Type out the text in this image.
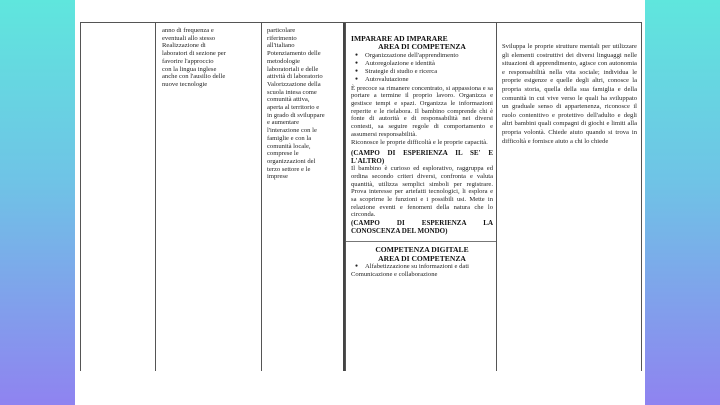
anno di frequenza e

eventuali allo stesso

Realizzazione di

laboratori di sezione per

favorire l'approccio

con la lingua inglese

anche con l'ausilio delle

nuove tecnologie

particolare

riferimento

all'italiano

Potenziamento delle

metodologie

laboratoriali e delle

attività di laboratorio

Valorizzazione della

scuola intesa come

comunità attiva,

aperta al territorio e

in grado di sviluppare

e aumentare

l'interazione con le

famiglie e con la

comunità locale,

comprese le

organizzazioni del

terzo settore e le

imprese

IMPARARE AD IMPARARE
AREA DI COMPETENZA
● Organizzazione dell'apprendimento
● Autoregolazione e identità
● Strategie di studio e ricerca
● Autovalutazione

È precoce sa rimanere concentrato, si appassiona e sa portare a termine il proprio lavoro. Organizza e gestisce tempi e spazi. Organizza le informazioni reperite e le rielabora. Il bambino comprende chi è fonte di autorità e di responsabilità nei diversi contesti, sa seguire regole di comportamento e assumersi responsabilità.

Riconosce le proprie difficoltà e le proprie capacità.

(CAMPO DI ESPERIENZA IL SE' E L'ALTRO)

Il bambino è curioso ed esplorativo, raggruppa ed ordina secondo criteri diversi, confronta e valuta quantità, utilizza semplici simboli per registrare. Prova interesse per artefatti tecnologici, li esplora e sa scoprirne le funzioni e i possibili usi. Mette in relazione eventi e fenomeni della natura che lo circonda.

(CAMPO DI ESPERIENZA LA CONOSCENZA DEL MONDO)
COMPETENZA DIGITALE
AREA DI COMPETENZA
● Alfabetizzazione su informazioni e dati

Comunicazione e collaborazione

Sviluppa le proprie strutture mentali per utilizzare gli elementi costruttivi dei diversi linguaggi nelle situazioni di apprendimento, agisce con autonomia e responsabilità nella vita sociale; individua le proprie esigenze e quelle degli altri, conosce la propria storia, quella della sua famiglia e della comunità in cui vive verso le quali ha sviluppato un graduale senso di appartenenza, riconosce il ruolo contenitivo e protettivo dell'adulto e degli altri bambini quali compagni di giochi e limiti alla propria volontà. Chiede aiuto quando si trova in difficoltà e fornisce aiuto a chi lo chiede
